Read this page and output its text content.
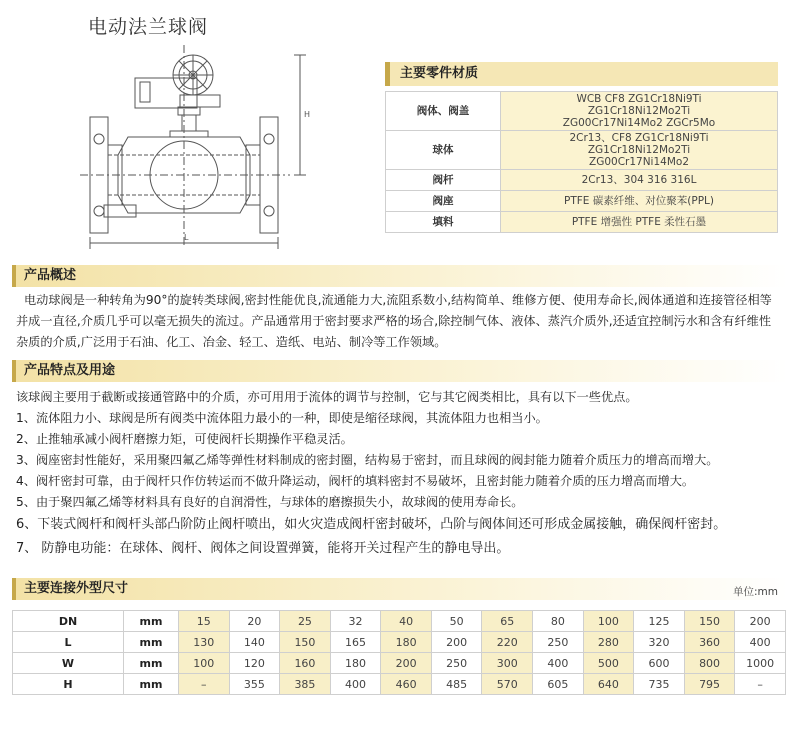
电动法兰球阀
L
H
主要零件材质
阀体、阀盖	WCB CF8 ZG1Cr18Ni9Ti
ZG1Cr18Ni12Mo2Ti
ZG00Cr17Ni14Mo2 ZGCr5Mo

球体	2Cr13、CF8 ZG1Cr18Ni9Ti
ZG1Cr18Ni12Mo2Ti
ZG00Cr17Ni14Mo2

阀杆	2Cr13、304 316 316L
阀座	PTFE 碳素纤维、对位聚苯(PPL)
填料	PTFE 增强性 PTFE 柔性石墨
产品概述

电动球阀是一种转角为90°的旋转类球阀,密封性能优良,流通能力大,流阻系数小,结构简单、维修方便、使用寿命长,阀体通道和连接管径相等

并成一直径,介质几乎可以毫无损失的流过。产品通常用于密封要求严格的场合,除控制气体、液体、蒸汽介质外,还适宜控制污水和含有纤维性

杂质的介质,广泛用于石油、化工、冶金、轻工、造纸、电站、制冷等工作领域。

产品特点及用途

该球阀主要用于截断或接通管路中的介质，亦可用用于流体的调节与控制，它与其它阀类相比，具有以下一些优点。

1、流体阻力小、球阀是所有阀类中流体阻力最小的一种，即使是缩径球阀，其流体阻力也相当小。

2、止推轴承减小阀杆磨擦力矩，可使阀杆长期操作平稳灵活。

3、阀座密封性能好，采用聚四氟乙烯等弹性材料制成的密封圈，结构易于密封，而且球阀的阀封能力随着介质压力的增高而增大。

4、阀杆密封可靠，由于阀杆只作仿转运而不做升降运动，阀杆的填料密封不易破坏，且密封能力随着介质的压力增高而增大。

5、由于聚四氟乙烯等材料具有良好的自润滑性，与球体的磨擦损失小，故球阀的使用寿命长。

6、下装式阀杆和阀杆头部凸阶防止阀杆喷出，如火灾造成阀杆密封破坏，凸阶与阀体间还可形成金属接触，确保阀杆密封。

7、 防静电功能：在球体、阀杆、阀体之间设置弹簧，能将开关过程产生的静电导出。

主要连接外型尺寸	单位:mm
DN	mm	15	20	25	32	40	50	65	80	100	125	150	200
L	mm	130	140	150	165	180	200	220	250	280	320	360	400
W	mm	100	120	160	180	200	250	300	400	500	600	800	1000
H	mm	–	355	385	400	460	485	570	605	640	735	795	–
